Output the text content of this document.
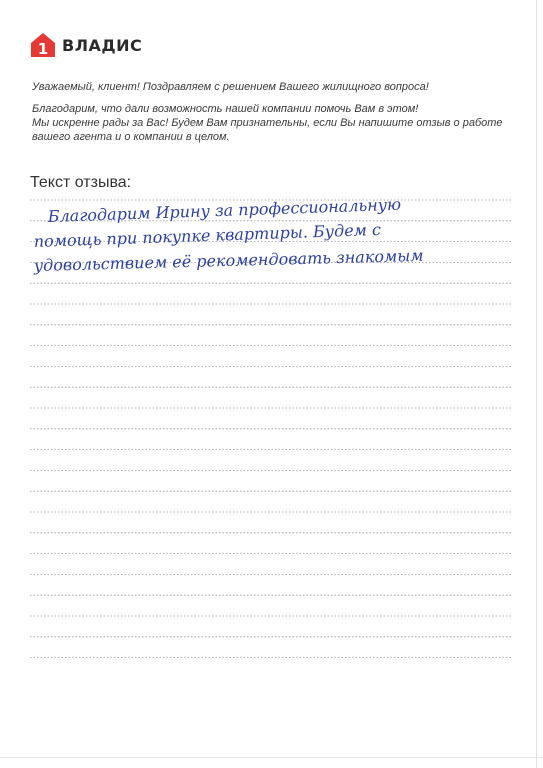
1 ВЛАДИС

Уважаемый, клиент! Поздравляем с решением Вашего жилищного вопроса!

Благодарим, что дали возможность нашей компании помочь Вам в этом!

Мы искренне рады за Вас! Будем Вам признательны, если Вы напишите отзыв о работе

вашего агента и о компании в целом.

Текст отзыва:
Благодарим Ирину за профессиональную
помощь при покупке квартиры. Будем с
удовольствием её рекомендовать знакомым
